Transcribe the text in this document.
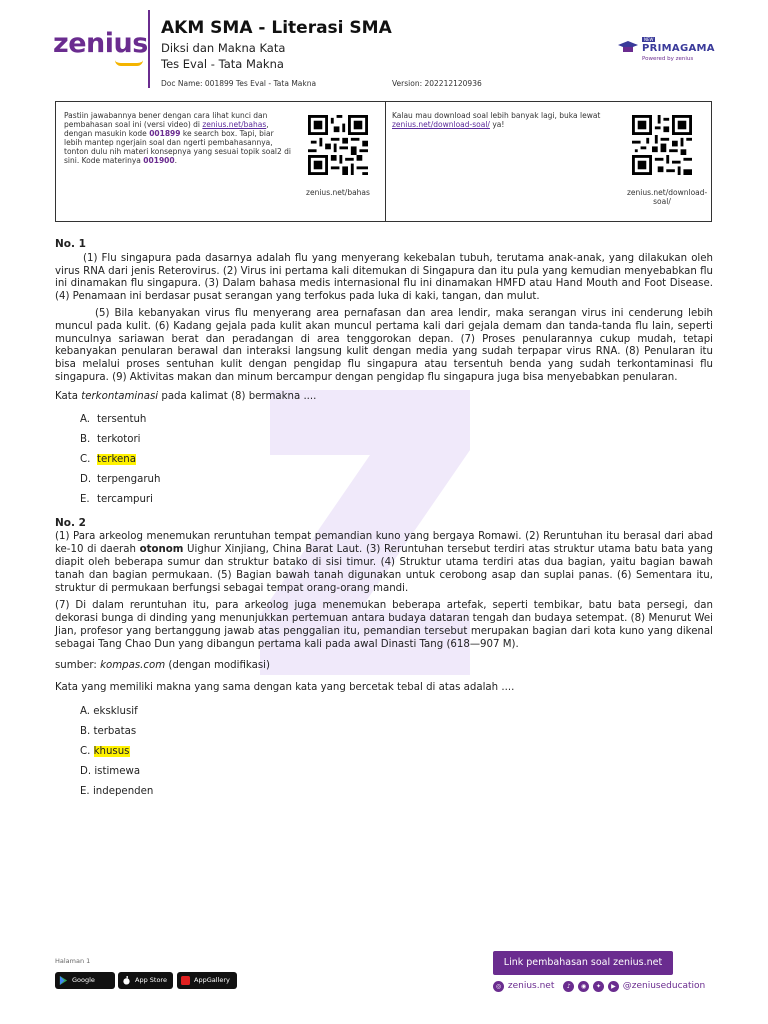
zenius AKM SMA - Literasi SMA
Diksi dan Makna Kata
Tes Eval - Tata Makna
Doc Name: 001899 Tes Eval - Tata Makna	Version: 202212120936
NEW
PRIMAGAMA
Powered by zenius
Pastiin jawabannya bener dengan cara lihat kunci dan pembahasan soal ini (versi video) di zenius.net/bahas, dengan masukin kode 001899 ke search box. Tapi, biar lebih mantep ngerjain soal dan ngerti pembahasannya, tonton dulu nih materi konsepnya yang sesuai topik soal2 di sini. Kode materinya 001900.
zenius.net/bahas
Kalau mau download soal lebih banyak lagi, buka lewat zenius.net/download-soal/ ya!
zenius.net/download-soal/
No. 1
(1) Flu singapura pada dasarnya adalah flu yang menyerang kekebalan tubuh, terutama anak-anak, yang dilakukan oleh virus RNA dari jenis Reterovirus. (2) Virus ini pertama kali ditemukan di Singapura dan itu pula yang kemudian menyebabkan flu ini dinamakan flu singapura. (3) Dalam bahasa medis internasional flu ini dinamakan HMFD atau Hand Mouth and Foot Disease. (4) Penamaan ini berdasar pusat serangan yang terfokus pada luka di kaki, tangan, dan mulut.
(5) Bila kebanyakan virus flu menyerang area pernafasan dan area lendir, maka serangan virus ini cenderung lebih muncul pada kulit. (6) Kadang gejala pada kulit akan muncul pertama kali dari gejala demam dan tanda-tanda flu lain, seperti munculnya sariawan berat dan peradangan di area tenggorokan depan. (7) Proses penularannya cukup mudah, tetapi kebanyakan penularan berawal dan interaksi langsung kulit dengan media yang sudah terpapar virus RNA. (8) Penularan itu bisa melalui proses sentuhan kulit dengan pengidap flu singapura atau tersentuh benda yang sudah terkontaminasi flu singapura. (9) Aktivitas makan dan minum bercampur dengan pengidap flu singapura juga bisa menyebabkan penularan.
Kata terkontaminasi pada kalimat (8) bermakna ....
A. tersentuh
B. terkotori
C. terkena
D. terpengaruh
E. tercampuri
No. 2
(1) Para arkeolog menemukan reruntuhan tempat pemandian kuno yang bergaya Romawi. (2) Reruntuhan itu berasal dari abad ke-10 di daerah otonom Uighur Xinjiang, China Barat Laut. (3) Reruntuhan tersebut terdiri atas struktur utama batu bata yang diapit oleh beberapa sumur dan struktur batako di sisi timur. (4) Struktur utama terdiri atas dua bagian, yaitu bagian bawah tanah dan bagian permukaan. (5) Bagian bawah tanah digunakan untuk cerobong asap dan suplai panas. (6) Sementara itu, struktur di permukaan berfungsi sebagai tempat orang-orang mandi.
(7) Di dalam reruntuhan itu, para arkeolog juga menemukan beberapa artefak, seperti tembikar, batu bata persegi, dan dekorasi bunga di dinding yang menunjukkan pertemuan antara budaya dataran tengah dan budaya setempat. (8) Menurut Wei Jian, profesor yang bertanggung jawab atas penggalian itu, pemandian tersebut merupakan bagian dari kota kuno yang dikenal sebagai Tang Chao Dun yang dibangun pertama kali pada awal Dinasti Tang (618—907 M).
sumber: kompas.com (dengan modifikasi)
Kata yang memiliki makna yang sama dengan kata yang bercetak tebal di atas adalah ....
A. eksklusif
B. terbatas
C. khusus
D. istimewa
E. independen
Halaman 1
Google Play
App Store	AppGallery
Link pembahasan soal zenius.net
◎ zenius.net ♪ ◉ ✦ ▶ @zeniuseducation
